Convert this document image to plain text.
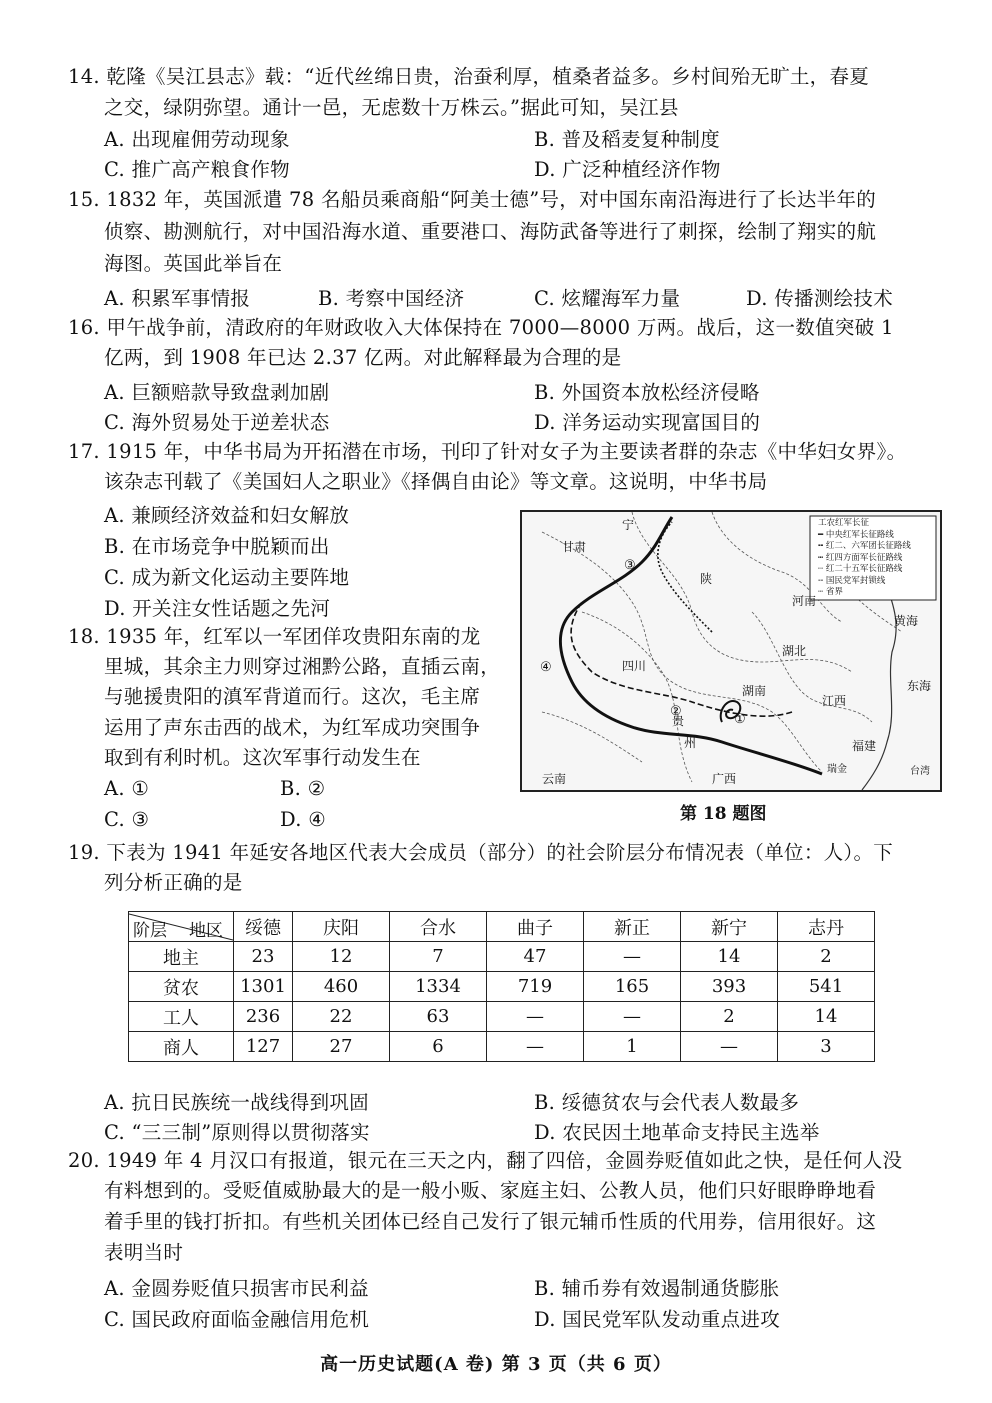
14. 乾隆《吴江县志》载：“近代丝绵日贵，治蚕利厚，植桑者益多。乡村间殆无旷土，春夏
之交，绿阴弥望。通计一邑，无虑数十万株云。”据此可知，吴江县
A. 出现雇佣劳动现象	B. 普及稻麦复种制度
C. 推广高产粮食作物	D. 广泛种植经济作物
15. 1832 年，英国派遣 78 名船员乘商船“阿美士德”号，对中国东南沿海进行了长达半年的
侦察、勘测航行，对中国沿海水道、重要港口、海防武备等进行了刺探，绘制了翔实的航
海图。英国此举旨在
A. 积累军事情报	B. 考察中国经济	C. 炫耀海军力量	D. 传播测绘技术
16. 甲午战争前，清政府的年财政收入大体保持在 7000—8000 万两。战后，这一数值突破 1
亿两，到 1908 年已达 2.37 亿两。对此解释最为合理的是
A. 巨额赔款导致盘剥加剧	B. 外国资本放松经济侵略
C. 海外贸易处于逆差状态	D. 洋务运动实现富国目的
17. 1915 年，中华书局为开拓潜在市场，刊印了针对女子为主要读者群的杂志《中华妇女界》。
该杂志刊载了《美国妇人之职业》《择偶自由论》等文章。这说明，中华书局
A. 兼顾经济效益和妇女解放
B. 在市场竞争中脱颖而出
C. 成为新文化运动主要阵地
D. 开关注女性话题之先河
18. 1935 年，红军以一军团佯攻贵阳东南的龙
里城，其余主力则穿过湘黔公路，直插云南，
与驰援贵阳的滇军背道而行。这次，毛主席
运用了声东击西的战术，为红军成功突围争
取到有利时机。这次军事行动发生在
A. ①	B. ②
C. ③	D. ④
工农红军长征
━ 中央红军长征路线
╍ 红二、六军团长征路线
┅ 红四方面军长征路线
┈ 红二十五军长征路线
╌ 国民党军封锁线
┄ 省界
宁
甘肃
陕
河南
四川
湖北
湖南
贵
州
江西
福建
云南	广西
黄海
东海
台湾
瑞金
③
④
②
①
第 18 题图
19. 下表为 1941 年延安各地区代表大会成员（部分）的社会阶层分布情况表（单位：人）。下
列分析正确的是
阶层 地区	绥德	庆阳	合水	曲子	新正	新宁	志丹
地主	23	12	7	47	—	14	2
贫农	1301	460	1334	719	165	393	541
工人	236	22	63	—	—	2	14
商人	127	27	6	—	1	—	3
A. 抗日民族统一战线得到巩固	B. 绥德贫农与会代表人数最多
C. “三三制”原则得以贯彻落实	D. 农民因土地革命支持民主选举
20. 1949 年 4 月汉口有报道，银元在三天之内，翻了四倍，金圆券贬值如此之快，是任何人没
有料想到的。受贬值威胁最大的是一般小贩、家庭主妇、公教人员，他们只好眼睁睁地看
着手里的钱打折扣。有些机关团体已经自己发行了银元辅币性质的代用券，信用很好。这
表明当时
A. 金圆券贬值只损害市民利益	B. 辅币券有效遏制通货膨胀
C. 国民政府面临金融信用危机	D. 国民党军队发动重点进攻
高一历史试题(A 卷) 第 3 页（共 6 页）
